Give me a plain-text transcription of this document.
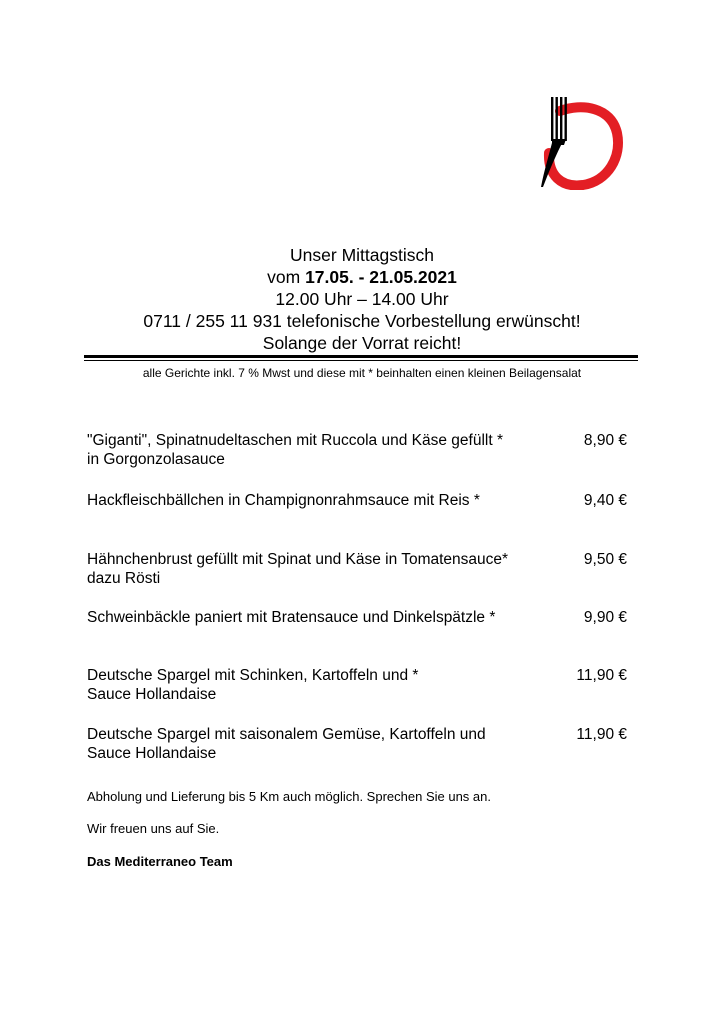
Unser Mittagstisch
vom 17.05. - 21.05.2021
12.00 Uhr – 14.00 Uhr
0711 / 255 11 931 telefonische Vorbestellung erwünscht!
Solange der Vorrat reicht!
alle Gerichte inkl. 7 % Mwst und diese mit * beinhalten einen kleinen Beilagensalat
"Giganti", Spinatnudeltaschen mit Ruccola und Käse gefüllt *
in Gorgonzolasauce
8,90 €
Hackfleischbällchen in Champignonrahmsauce mit Reis *	9,40 €
Hähnchenbrust gefüllt mit Spinat und Käse in Tomatensauce*
dazu Rösti
9,50 €
Schweinbäckle paniert mit Bratensauce und Dinkelspätzle *	9,90 €
Deutsche Spargel mit Schinken, Kartoffeln und *
Sauce Hollandaise
11,90 €
Deutsche Spargel mit saisonalem Gemüse, Kartoffeln und
Sauce Hollandaise
11,90 €
Abholung und Lieferung bis 5 Km auch möglich. Sprechen Sie uns an.
Wir freuen uns auf Sie.
Das Mediterraneo Team
